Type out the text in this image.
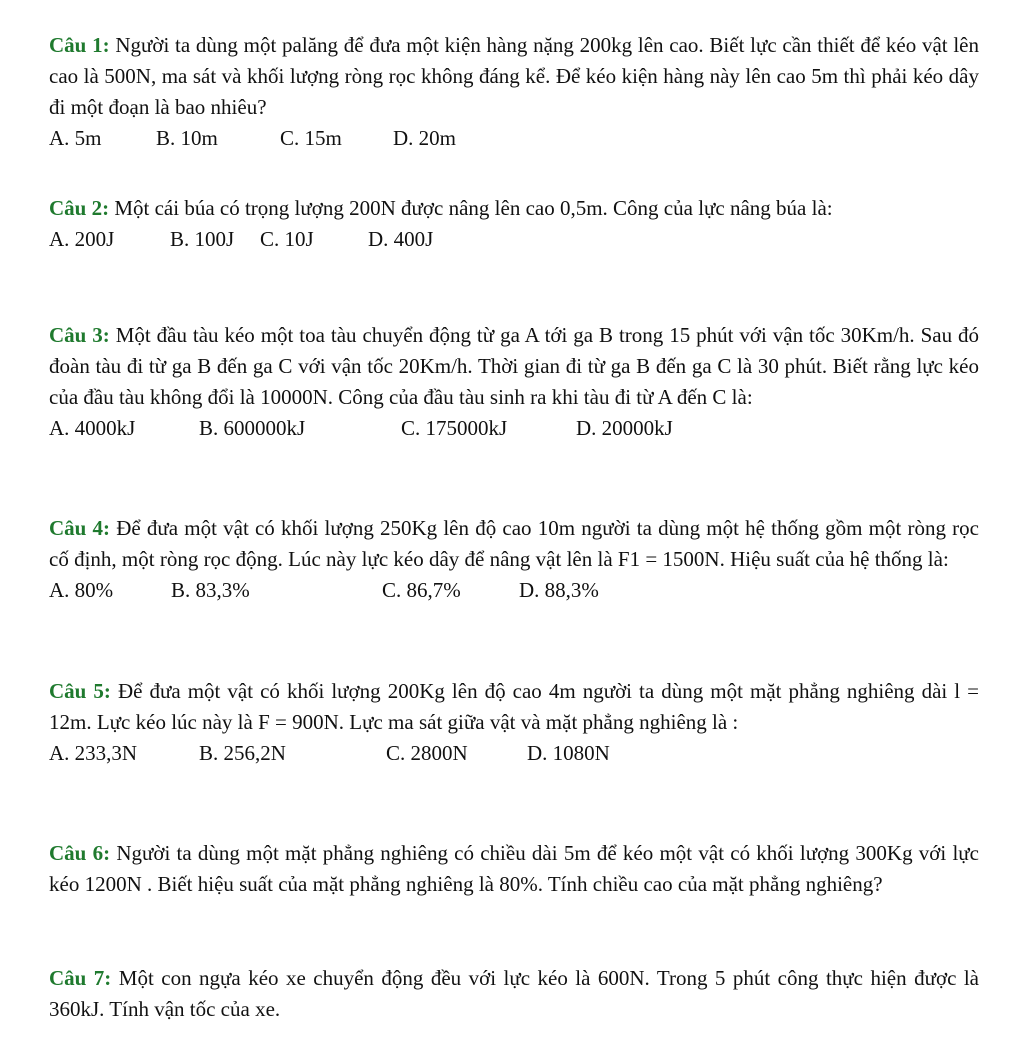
Câu 1: Người ta dùng một palăng để đưa một kiện hàng nặng 200kg lên cao. Biết lực cần thiết để kéo vật lên cao là 500N, ma sát và khối lượng ròng rọc không đáng kể. Để kéo kiện hàng này lên cao 5m thì phải kéo dây đi một đoạn là bao nhiêu?

A. 5m	B. 10m	C. 15m D. 20m

Câu 2: Một cái búa có trọng lượng 200N được nâng lên cao 0,5m. Công của lực nâng búa là:

A. 200J	B. 100J C. 10J	D. 400J

Câu 3: Một đầu tàu kéo một toa tàu chuyển động từ ga A tới ga B trong 15 phút với vận tốc 30Km/h. Sau đó đoàn tàu đi từ ga B đến ga C với vận tốc 20Km/h. Thời gian đi từ ga B đến ga C là 30 phút. Biết rằng lực kéo của đầu tàu không đổi là 10000N. Công của đầu tàu sinh ra khi tàu đi từ A đến C là:

A. 4000kJ	B. 600000kJ	C. 175000kJ	D. 20000kJ

Câu 4: Để đưa một vật có khối lượng 250Kg lên độ cao 10m người ta dùng một hệ thống gồm một ròng rọc cố định, một ròng rọc động. Lúc này lực kéo dây để nâng vật lên là F1 = 1500N. Hiệu suất của hệ thống là:

A. 80%	B. 83,3%	C. 86,7%	D. 88,3%

Câu 5: Để đưa một vật có khối lượng 200Kg lên độ cao 4m người ta dùng một mặt phẳng nghiêng dài l = 12m. Lực kéo lúc này là F = 900N. Lực ma sát giữa vật và mặt phẳng nghiêng là :

A. 233,3N	B. 256,2N	C. 2800N	D. 1080N

Câu 6: Người ta dùng một mặt phẳng nghiêng có chiều dài 5m để kéo một vật có khối lượng 300Kg với lực kéo 1200N . Biết hiệu suất của mặt phẳng nghiêng là 80%. Tính chiều cao của mặt phẳng nghiêng?

Câu 7: Một con ngựa kéo xe chuyển động đều với lực kéo là 600N. Trong 5 phút công thực hiện được là 360kJ. Tính vận tốc của xe.
